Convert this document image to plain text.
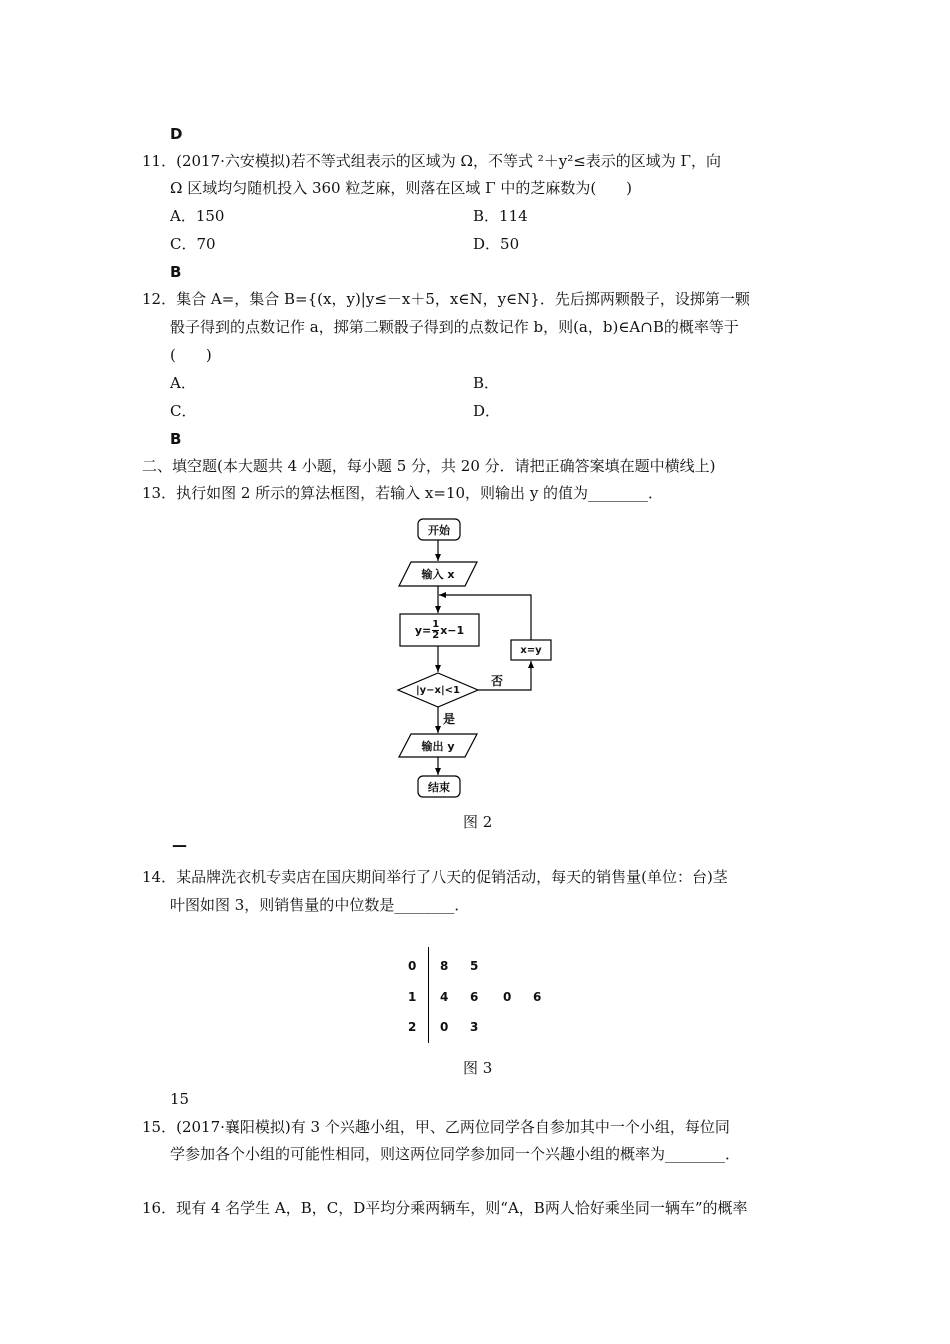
D
11．(2017·六安模拟)若不等式组表示的区域为 Ω，不等式 ²＋y²≤表示的区域为 Γ，向
Ω 区域均匀随机投入 360 粒芝麻，则落在区域 Γ 中的芝麻数为(　　)
A．150	B．114
C．70	D．50
B
12．集合 A=，集合 B={(x，y)|y≤－x＋5，x∈N，y∈N}．先后掷两颗骰子，设掷第一颗
骰子得到的点数记作 a，掷第二颗骰子得到的点数记作 b，则(a，b)∈A∩B的概率等于
(　　)
A．	B．
C．	D．
B
二、填空题(本大题共 4 小题，每小题 5 分，共 20 分．请把正确答案填在题中横线上)
13．执行如图 2 所示的算法框图，若输入 x=10，则输出 y 的值为________．
开始
输入 x
$y= \frac{1}{2} x-1$
x=y
|y−x|<1
否
是
输出 y
结束
图 2
—
14．某品牌洗衣机专卖店在国庆期间举行了八天的促销活动，每天的销售量(单位：台)茎
叶图如图 3，则销售量的中位数是________．
0 8 5
1 4 6 0 6
2 0 3
图 3
15
15．(2017·襄阳模拟)有 3 个兴趣小组，甲、乙两位同学各自参加其中一个小组，每位同
学参加各个小组的可能性相同，则这两位同学参加同一个兴趣小组的概率为________．
16．现有 4 名学生 A，B，C，D平均分乘两辆车，则“A，B两人恰好乘坐同一辆车”的概率
